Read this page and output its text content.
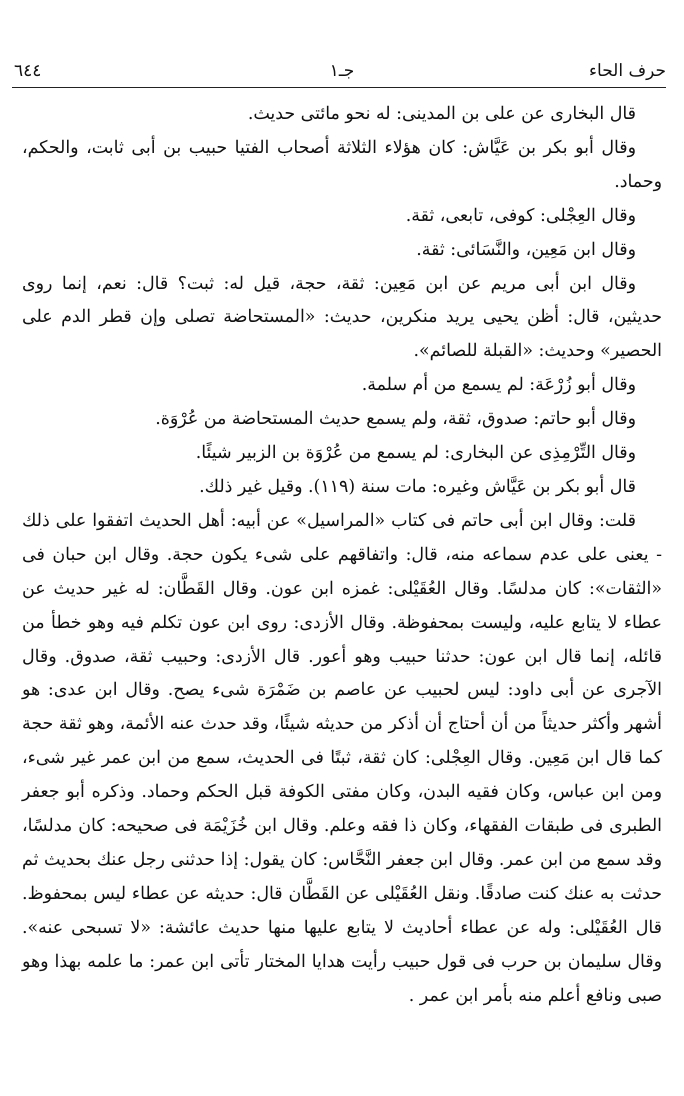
٦٤٤	جـ١	حرف الحاء

قال البخارى عن على بن المدينى: له نحو مائتى حديث.

وقال أبو بكر بن عَيَّاش: كان هؤلاء الثلاثة أصحاب الفتيا حبيب بن أبى ثابت، والحكم، وحماد.

وقال العِجْلى: كوفى، تابعى، ثقة.

وقال ابن مَعِين، والنَّسَائى: ثقة.

وقال ابن أبى مريم عن ابن مَعِين: ثقة، حجة، قيل له: ثبت؟ قال: نعم، إنما روى حديثين، قال: أظن يحيى يريد منكرين، حديث: «المستحاضة تصلى وإن قطر الدم على الحصير» وحديث: «القبلة للصائم».

وقال أبو زُرْعَة: لم يسمع من أم سلمة.

وقال أبو حاتم: صدوق، ثقة، ولم يسمع حديث المستحاضة من عُرْوَة.

وقال التِّرْمِذِى عن البخارى: لم يسمع من عُرْوَة بن الزبير شيئًا.

قال أبو بكر بن عَيَّاش وغيره: مات سنة (١١٩). وقيل غير ذلك.

قلت: وقال ابن أبى حاتم فى كتاب «المراسيل» عن أبيه: أهل الحديث اتفقوا على ذلك - يعنى على عدم سماعه منه، قال: واتفاقهم على شىء يكون حجة. وقال ابن حبان فى «الثقات»: كان مدلسًا. وقال العُقَيْلى: غمزه ابن عون. وقال القَطَّان: له غير حديث عن عطاء لا يتابع عليه، وليست بمحفوظة. وقال الأزدى: روى ابن عون تكلم فيه وهو خطأ من قائله، إنما قال ابن عون: حدثنا حبيب وهو أعور. قال الأزدى: وحبيب ثقة، صدوق. وقال الآجرى عن أبى داود: ليس لحبيب عن عاصم بن ضَمْرَة شىء يصح. وقال ابن عدى: هو أشهر وأكثر حديثاً من أن أحتاج أن أذكر من حديثه شيئًا، وقد حدث عنه الأئمة، وهو ثقة حجة كما قال ابن مَعِين. وقال العِجْلى: كان ثقة، ثبتًا فى الحديث، سمع من ابن عمر غير شىء، ومن ابن عباس، وكان فقيه البدن، وكان مفتى الكوفة قبل الحكم وحماد. وذكره أبو جعفر الطبرى فى طبقات الفقهاء، وكان ذا فقه وعلم. وقال ابن خُزَيْمَة فى صحيحه: كان مدلسًا، وقد سمع من ابن عمر. وقال ابن جعفر النَّحَّاس: كان يقول: إذا حدثنى رجل عنك بحديث ثم حدثت به عنك كنت صادقًا. ونقل العُقَيْلى عن القَطَّان قال: حديثه عن عطاء ليس بمحفوظ. قال العُقَيْلى: وله عن عطاء أحاديث لا يتابع عليها منها حديث عائشة: «لا تسبحى عنه». وقال سليمان بن حرب فى قول حبيب رأيت هدايا المختار تأتى ابن عمر: ما علمه بهذا وهو صبى ونافع أعلم منه بأمر ابن عمر .
